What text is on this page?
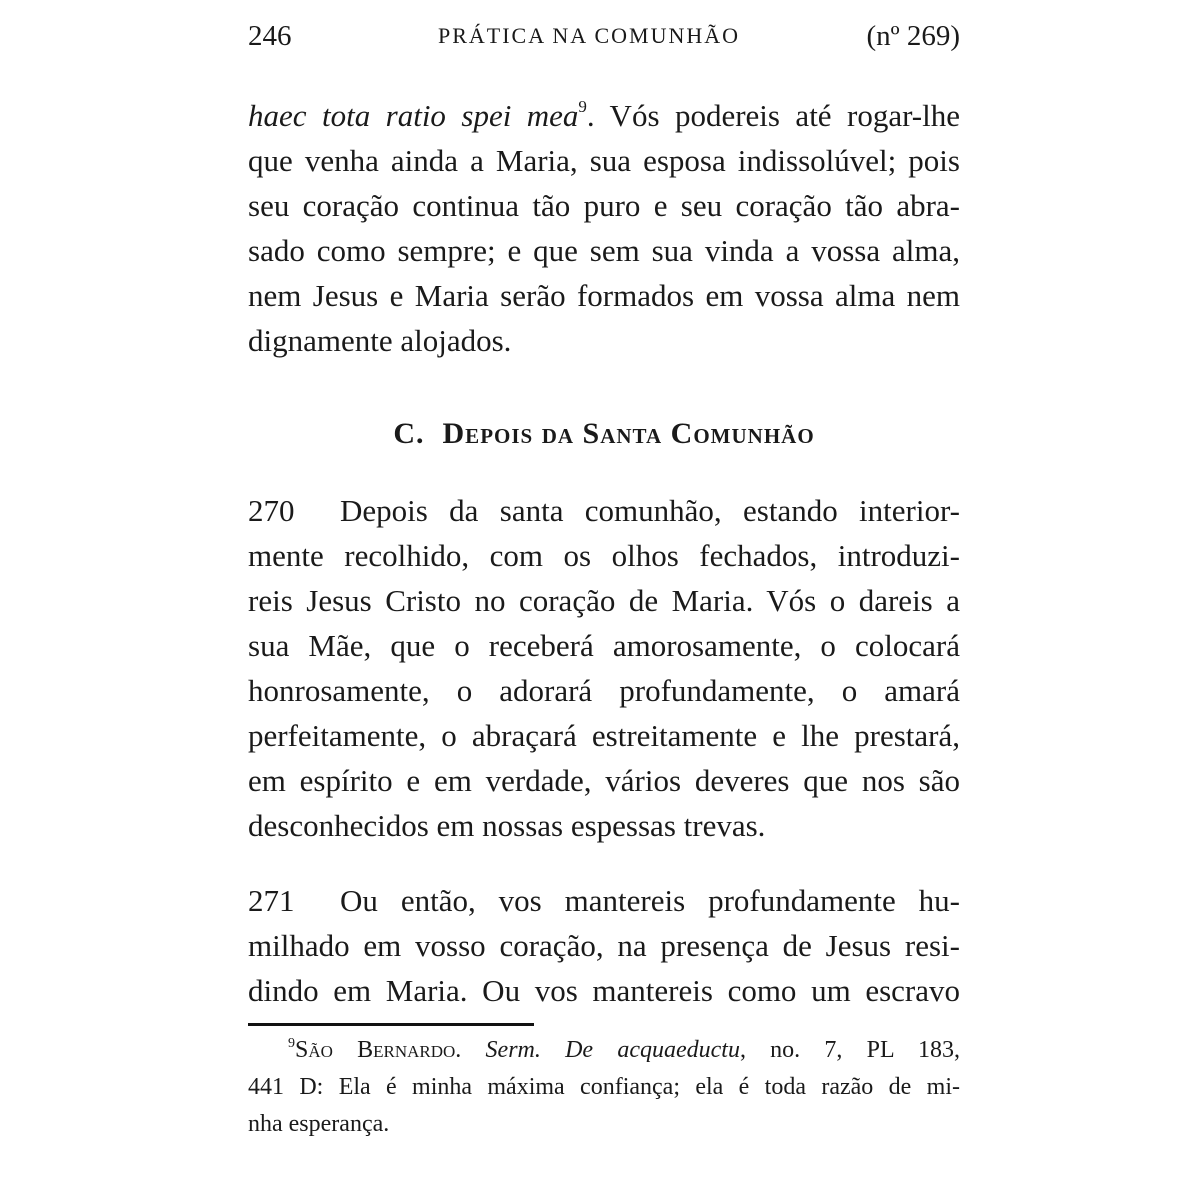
246	PRÁTICA NA COMUNHÃO	(nº 269)
haec tota ratio spei mea$^9$. Vós podereis até rogar-lhe
que venha ainda a Maria, sua esposa indissolúvel; pois
seu coração continua tão puro e seu coração tão abra-
sado como sempre; e que sem sua vinda a vossa alma,
nem Jesus e Maria serão formados em vossa alma nem
dignamente alojados.
C. Depois da Santa Comunhão
270 Depois da santa comunhão, estando interior-
mente recolhido, com os olhos fechados, introduzi-
reis Jesus Cristo no coração de Maria. Vós o dareis a
sua Mãe, que o receberá amorosamente, o colocará
honrosamente, o adorará profundamente, o amará
perfeitamente, o abraçará estreitamente e lhe prestará,
em espírito e em verdade, vários deveres que nos são
desconhecidos em nossas espessas trevas.
271 Ou então, vos mantereis profundamente hu-
milhado em vosso coração, na presença de Jesus resi-
dindo em Maria. Ou vos mantereis como um escravo
$^9$São Bernardo. Serm. De acquaeductu, no. 7, PL 183,
441 D: Ela é minha máxima confiança; ela é toda razão de mi-
nha esperança.
